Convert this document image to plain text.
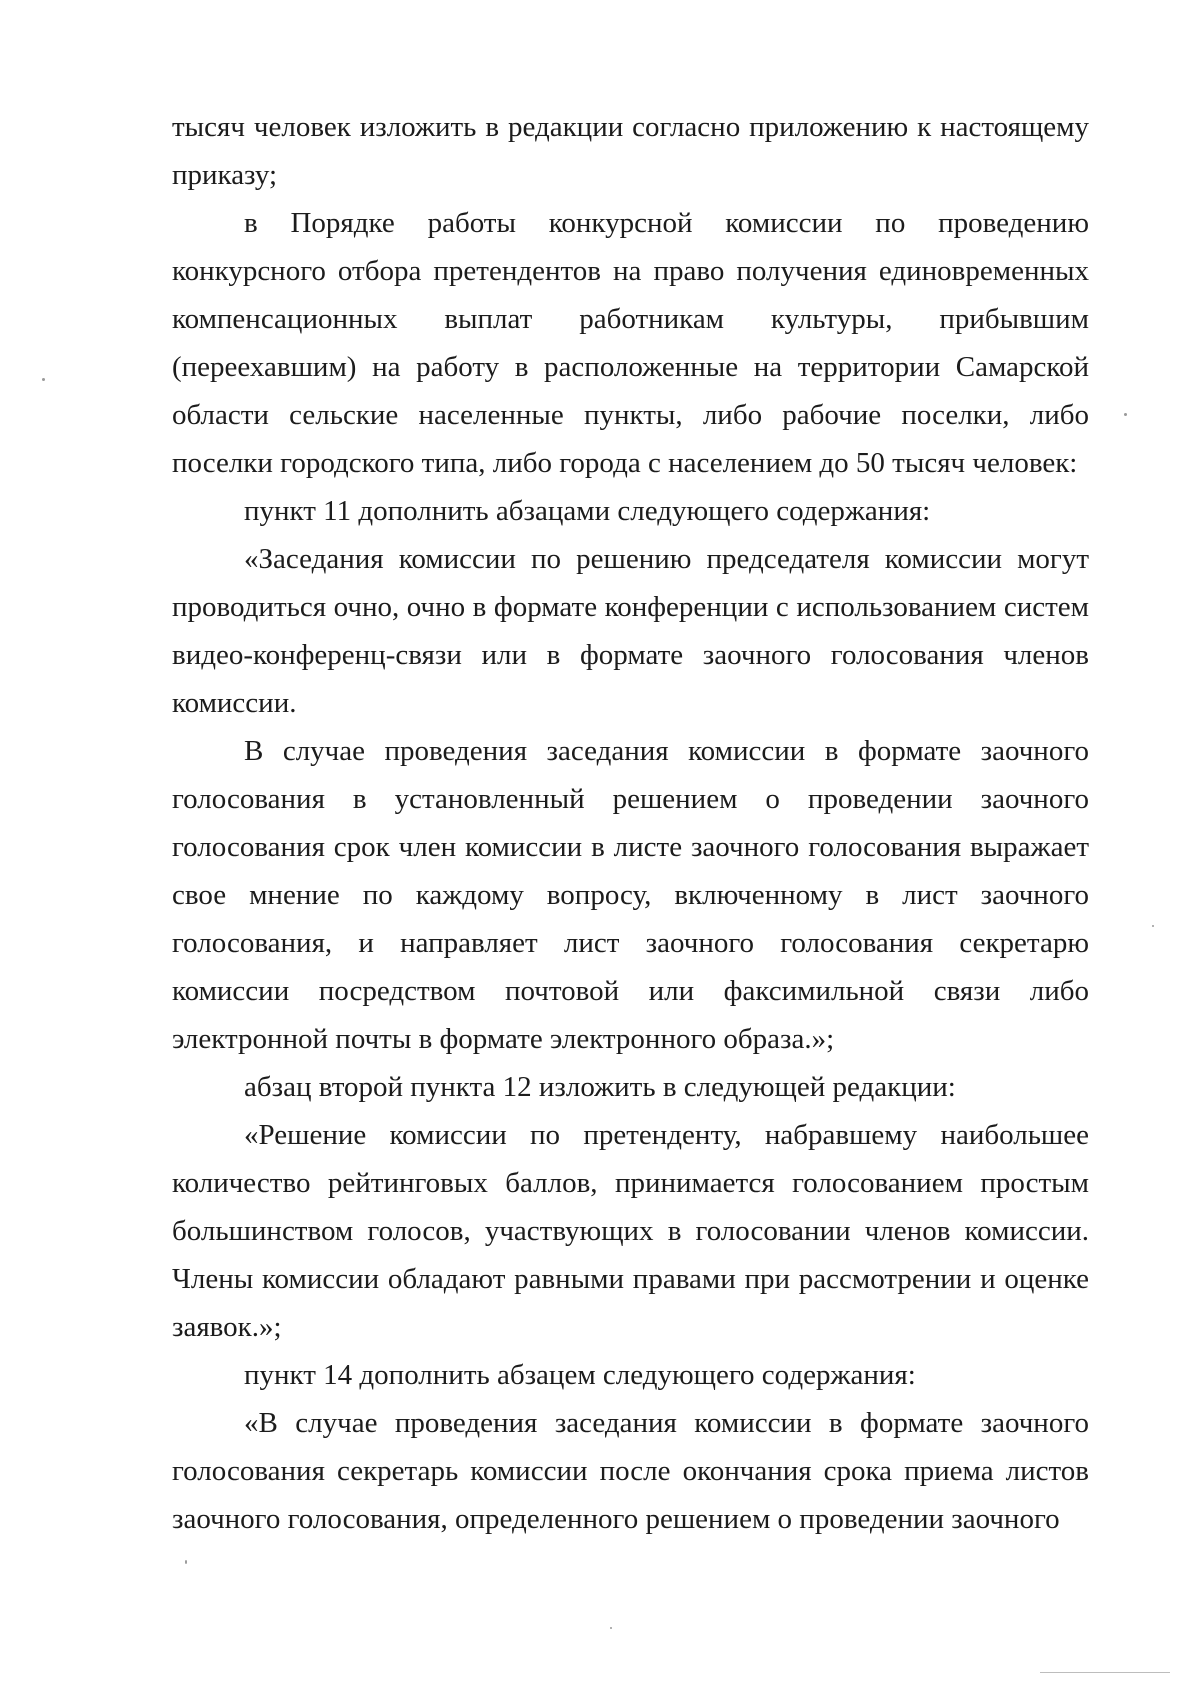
тысяч человек изложить в редакции согласно приложению к настоящему приказу;

в Порядке работы конкурсной комиссии по проведению конкурсного отбора претендентов на право получения единовременных компенсационных выплат работникам культуры, прибывшим (переехавшим) на работу в расположенные на территории Самарской области сельские населенные пункты, либо рабочие поселки, либо поселки городского типа, либо города с населением до 50 тысяч человек:

пункт 11 дополнить абзацами следующего содержания:

«Заседания комиссии по решению председателя комиссии могут проводиться очно, очно в формате конференции с использованием систем видео-конференц-связи или в формате заочного голосования членов комиссии.

В случае проведения заседания комиссии в формате заочного голосования в установленный решением о проведении заочного голосования срок член комиссии в листе заочного голосования выражает свое мнение по каждому вопросу, включенному в лист заочного голосования, и направляет лист заочного голосования секретарю комиссии посредством почтовой или факсимильной связи либо электронной почты в формате электронного образа.»;

абзац второй пункта 12 изложить в следующей редакции:

«Решение комиссии по претенденту, набравшему наибольшее количество рейтинговых баллов, принимается голосованием простым большинством голосов, участвующих в голосовании членов комиссии. Члены комиссии обладают равными правами при рассмотрении и оценке заявок.»;

пункт 14 дополнить абзацем следующего содержания:

«В случае проведения заседания комиссии в формате заочного голосования секретарь комиссии после окончания срока приема листов заочного голосования, определенного решением о проведении заочного
